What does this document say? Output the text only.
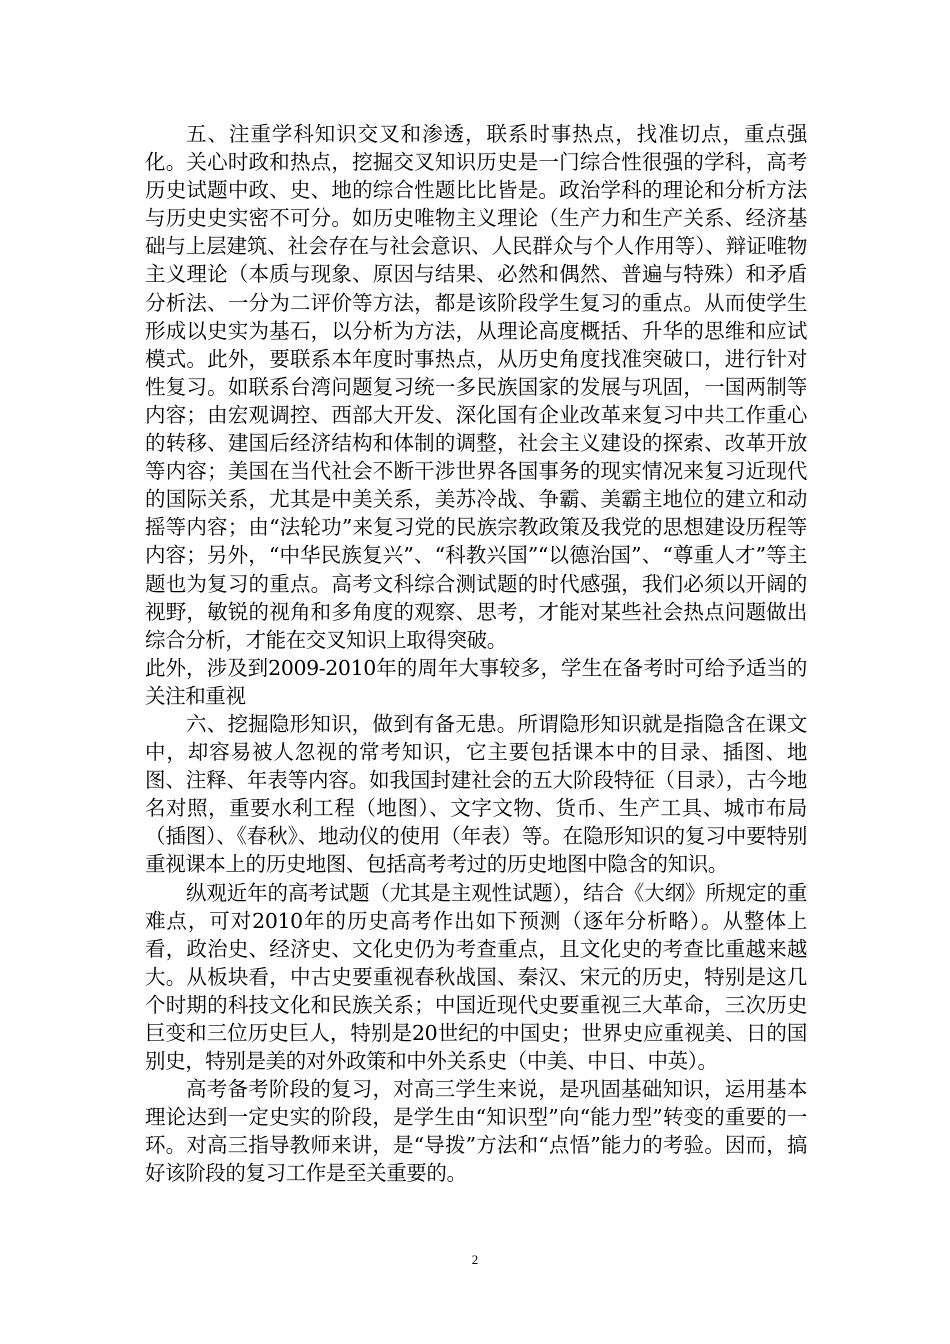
五、注重学科知识交叉和渗透，联系时事热点，找准切点，重点强化。关心时政和热点，挖掘交叉知识历史是一门综合性很强的学科，高考历史试题中政、史、地的综合性题比比皆是。政治学科的理论和分析方法与历史史实密不可分。如历史唯物主义理论（生产力和生产关系、经济基础与上层建筑、社会存在与社会意识、人民群众与个人作用等）、辩证唯物主义理论（本质与现象、原因与结果、必然和偶然、普遍与特殊）和矛盾分析法、一分为二评价等方法，都是该阶段学生复习的重点。从而使学生形成以史实为基石，以分析为方法，从理论高度概括、升华的思维和应试模式。此外，要联系本年度时事热点，从历史角度找准突破口，进行针对性复习。如联系台湾问题复习统一多民族国家的发展与巩固，一国两制等内容；由宏观调控、西部大开发、深化国有企业改革来复习中共工作重心的转移、建国后经济结构和体制的调整，社会主义建设的探索、改革开放等内容；美国在当代社会不断干涉世界各国事务的现实情况来复习近现代的国际关系，尤其是中美关系，美苏冷战、争霸、美霸主地位的建立和动摇等内容；由“法轮功”来复习党的民族宗教政策及我党的思想建设历程等内容；另外，“中华民族复兴”、“科教兴国”“以德治国”、“尊重人才”等主题也为复习的重点。高考文科综合测试题的时代感强，我们必须以开阔的视野，敏锐的视角和多角度的观察、思考，才能对某些社会热点问题做出综合分析，才能在交叉知识上取得突破。

此外，涉及到2009-2010年的周年大事较多，学生在备考时可给予适当的关注和重视

六、挖掘隐形知识，做到有备无患。所谓隐形知识就是指隐含在课文中，却容易被人忽视的常考知识，它主要包括课本中的目录、插图、地图、注释、年表等内容。如我国封建社会的五大阶段特征（目录），古今地名对照，重要水利工程（地图）、文字文物、货币、生产工具、城市布局（插图）、《春秋》、地动仪的使用（年表）等。在隐形知识的复习中要特别重视课本上的历史地图、包括高考考过的历史地图中隐含的知识。

纵观近年的高考试题（尤其是主观性试题），结合《大纲》所规定的重难点，可对2010年的历史高考作出如下预测（逐年分析略）。从整体上看，政治史、经济史、文化史仍为考查重点，且文化史的考查比重越来越大。从板块看，中古史要重视春秋战国、秦汉、宋元的历史，特别是这几个时期的科技文化和民族关系；中国近现代史要重视三大革命，三次历史巨变和三位历史巨人，特别是20世纪的中国史；世界史应重视美、日的国别史，特别是美的对外政策和中外关系史（中美、中日、中英）。

高考备考阶段的复习，对高三学生来说，是巩固基础知识，运用基本理论达到一定史实的阶段，是学生由“知识型”向“能力型”转变的重要的一环。对高三指导教师来讲，是“导拨”方法和“点悟”能力的考验。因而，搞好该阶段的复习工作是至关重要的。

2
